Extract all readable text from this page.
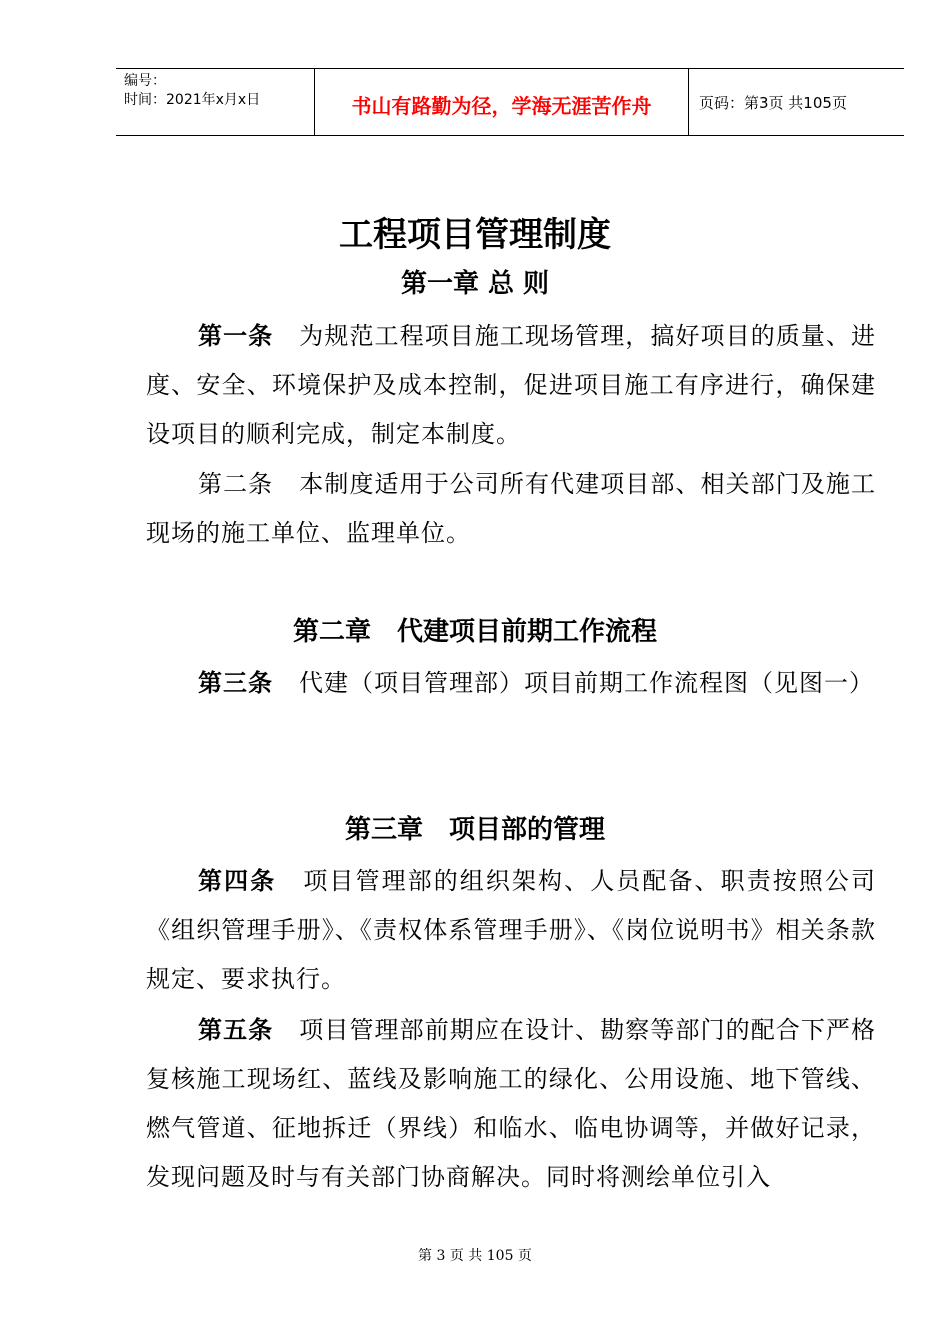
编号：
时间：2021年x月x日	书山有路勤为径，学海无涯苦作舟	页码：第3页 共105页
工程项目管理制度
第一章 总 则

第一条 为规范工程项目施工现场管理，搞好项目的质量、进度、安全、环境保护及成本控制，促进项目施工有序进行，确保建设项目的顺利完成，制定本制度。

第二条 本制度适用于公司所有代建项目部、相关部门及施工现场的施工单位、监理单位。

第二章　代建项目前期工作流程

第三条 代建（项目管理部）项目前期工作流程图（见图一）

第三章　项目部的管理

第四条 项目管理部的组织架构、人员配备、职责按照公司《组织管理手册》、《责权体系管理手册》、《岗位说明书》相关条款规定、要求执行。

第五条 项目管理部前期应在设计、勘察等部门的配合下严格复核施工现场红、蓝线及影响施工的绿化、公用设施、地下管线、燃气管道、征地拆迁（界线）和临水、临电协调等，并做好记录，发现问题及时与有关部门协商解决。同时将测绘单位引入

第 3 页 共 105 页
